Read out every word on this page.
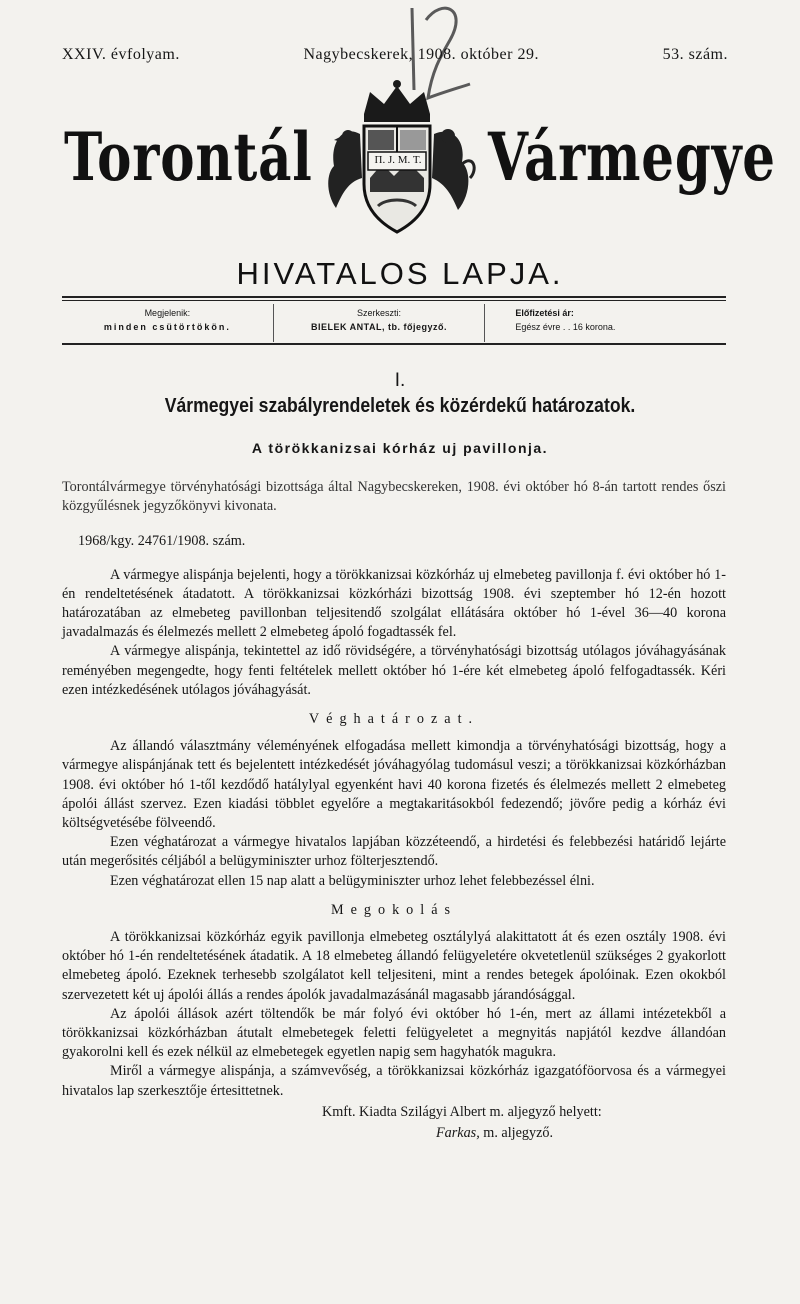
XXIV. évfolyam.	Nagybecskerek, 1908. október 29.	53. szám.
Torontál	П. J. M. T. Vármegye
HIVATALOS LAPJA.
Megjelenik:
minden csütörtökön.
Szerkeszti:
BIELEK ANTAL, tb. főjegyző.
Előfizetési ár:
Egész évre . . 16 korona.
I.
Vármegyei szabályrendeletek és közérdekű határozatok.
A törökkanizsai kórház uj pavillonja.

Torontálvármegye törvényhatósági bizottsága által Nagybecskereken, 1908. évi október hó 8-án tartott rendes őszi közgyűlésnek jegyzőkönyvi kivonata.

1968/kgy. 24761/1908. szám.

A vármegye alispánja bejelenti, hogy a törökkanizsai közkórház uj elmebeteg pavillonja f. évi október hó 1-én rendeltetésének átadatott. A törökkanizsai közkórházi bizottság 1908. évi szeptember hó 12-én hozott határozatában az elmebeteg pavillonban teljesitendő szolgálat ellátására október hó 1-ével 36—40 korona javadalmazás és élelmezés mellett 2 elmebeteg ápoló fogadtassék fel.

A vármegye alispánja, tekintettel az idő rövidségére, a törvényhatósági bizottság utólagos jóváhagyásának reményében megengedte, hogy fenti feltételek mellett október hó 1-ére két elmebeteg ápoló felfogadtassék. Kéri ezen intézkedésének utólagos jóváhagyását.

Véghatározat.

Az állandó választmány véleményének elfogadása mellett kimondja a törvényhatósági bizottság, hogy a vármegye alispánjának tett és bejelentett intézkedését jóváhagyólag tudomásul veszi; a törökkanizsai közkórházban 1908. évi október hó 1-től kezdődő hatálylyal egyenként havi 40 korona fizetés és élelmezés mellett 2 elmebeteg ápolói állást szervez. Ezen kiadási többlet egyelőre a megtakaritásokból fedezendő; jövőre pedig a kórház évi költségvetésébe fölveendő.

Ezen véghatározat a vármegye hivatalos lapjában közzéteendő, a hirdetési és felebbezési határidő lejárte után megerősités céljából a belügyminiszter urhoz fölterjesztendő.

Ezen véghatározat ellen 15 nap alatt a belügyminiszter urhoz lehet felebbezéssel élni.

Megokolás

A törökkanizsai közkórház egyik pavillonja elmebeteg osztálylyá alakittatott át és ezen osztály 1908. évi október hó 1-én rendeltetésének átadatik. A 18 elmebeteg állandó felügyeletére okvetetlenül szükséges 2 gyakorlott elmebeteg ápoló. Ezeknek terhesebb szolgálatot kell teljesiteni, mint a rendes betegek ápolóinak. Ezen okokból szervezetett két uj ápolói állás a rendes ápolók javadalmazásánál magasabb járandósággal.

Az ápolói állások azért töltendők be már folyó évi október hó 1-én, mert az állami intézetekből a törökkanizsai közkórházban átutalt elmebetegek feletti felügyeletet a megnyitás napjától kezdve állandóan gyakorolni kell és ezek nélkül az elmebetegek egyetlen napig sem hagyhatók magukra.

Miről a vármegye alispánja, a számvevőség, a törökkanizsai közkórház igazgatóföorvosa és a vármegyei hivatalos lap szerkesztője értesittetnek.

Kmft. Kiadta Szilágyi Albert m. aljegyző helyett:

Farkas, m. aljegyző.
